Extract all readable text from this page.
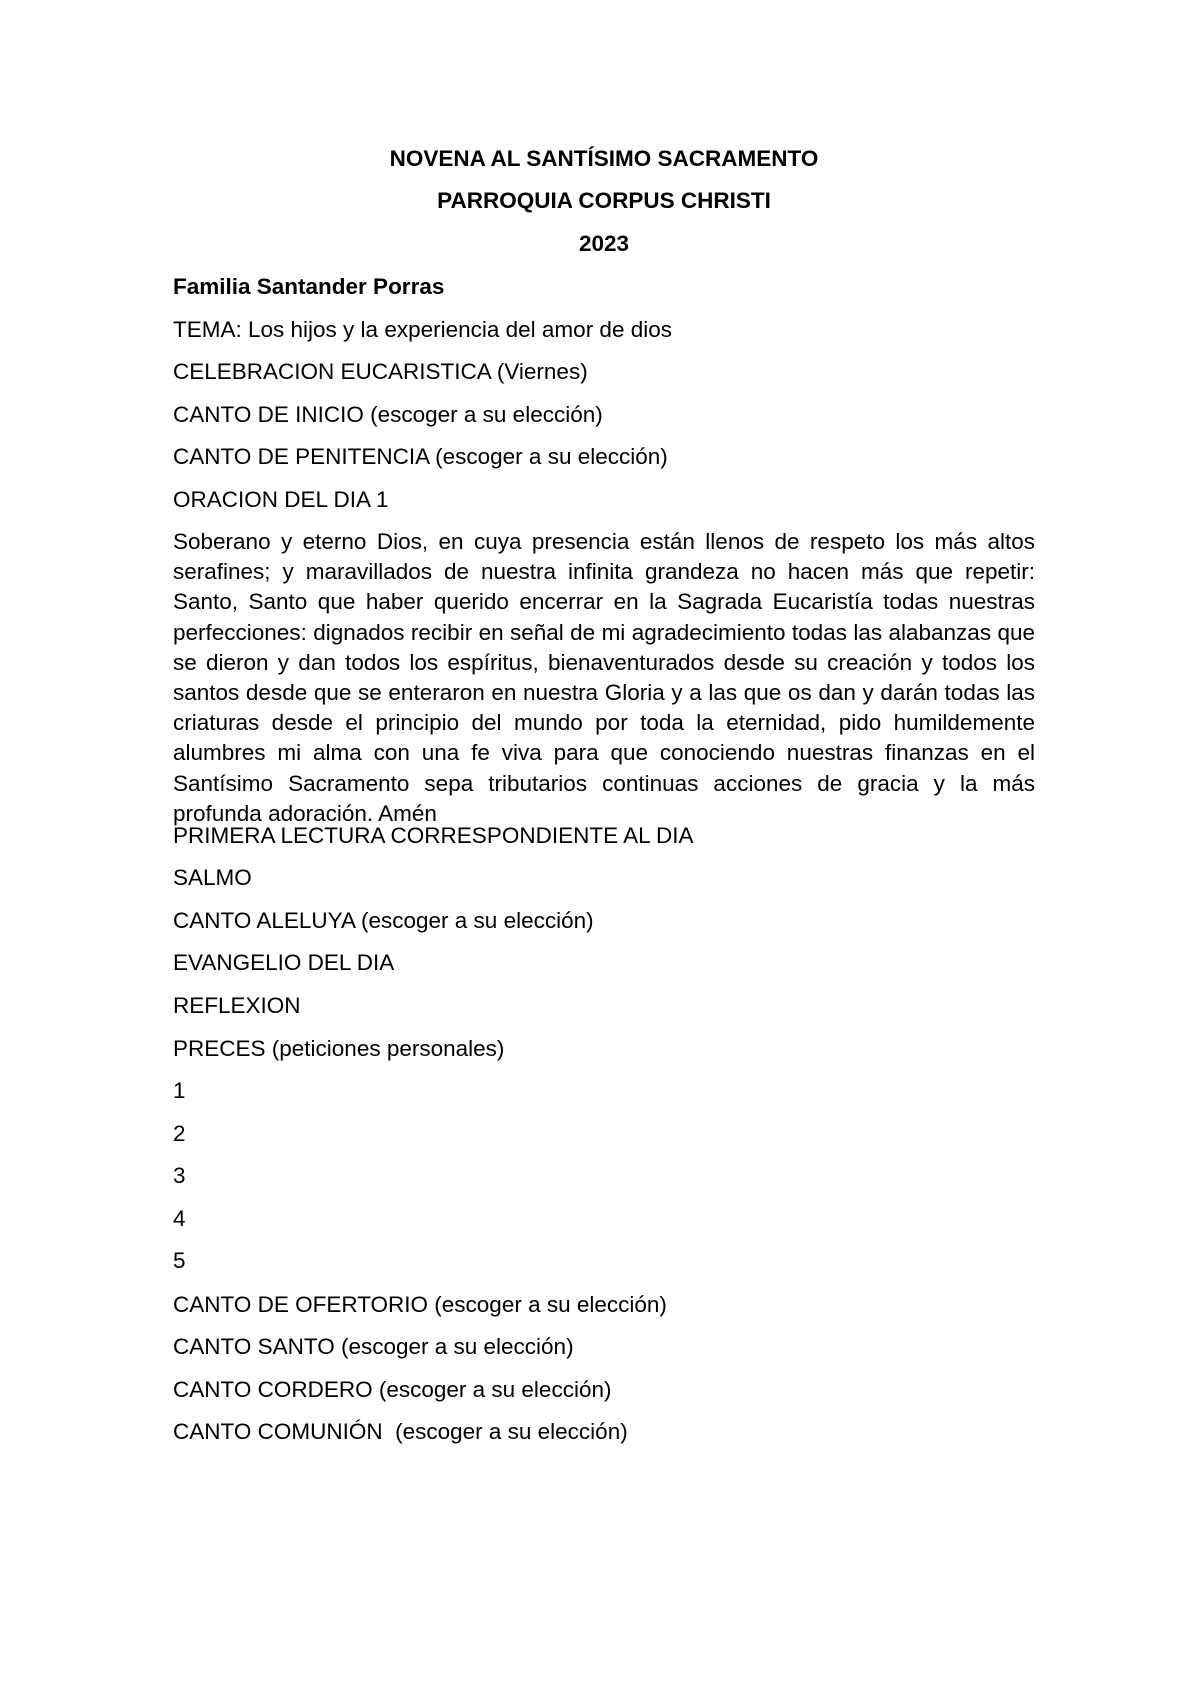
NOVENA AL SANTÍSIMO SACRAMENTO
PARROQUIA CORPUS CHRISTI
2023
Familia Santander Porras
TEMA: Los hijos y la experiencia del amor de dios
CELEBRACION EUCARISTICA (Viernes)
CANTO DE INICIO (escoger a su elección)
CANTO DE PENITENCIA (escoger a su elección)
ORACION DEL DIA 1
Soberano y eterno Dios, en cuya presencia están llenos de respeto los más altos serafines; y maravillados de nuestra infinita grandeza no hacen más que repetir: Santo, Santo que haber querido encerrar en la Sagrada Eucaristía todas nuestras perfecciones: dignados recibir en señal de mi agradecimiento todas las alabanzas que se dieron y dan todos los espíritus, bienaventurados desde su creación y todos los santos desde que se enteraron en nuestra Gloria y a las que os dan y darán todas las criaturas desde el principio del mundo por toda la eternidad, pido humildemente alumbres mi alma con una fe viva para que conociendo nuestras finanzas en el Santísimo Sacramento sepa tributarios continuas acciones de gracia y la más profunda adoración. Amén
PRIMERA LECTURA CORRESPONDIENTE AL DIA
SALMO
CANTO ALELUYA (escoger a su elección)
EVANGELIO DEL DIA
REFLEXION
PRECES (peticiones personales)
1
2
3
4
5
CANTO DE OFERTORIO (escoger a su elección)
CANTO SANTO (escoger a su elección)
CANTO CORDERO (escoger a su elección)
CANTO COMUNIÓN  (escoger a su elección)
